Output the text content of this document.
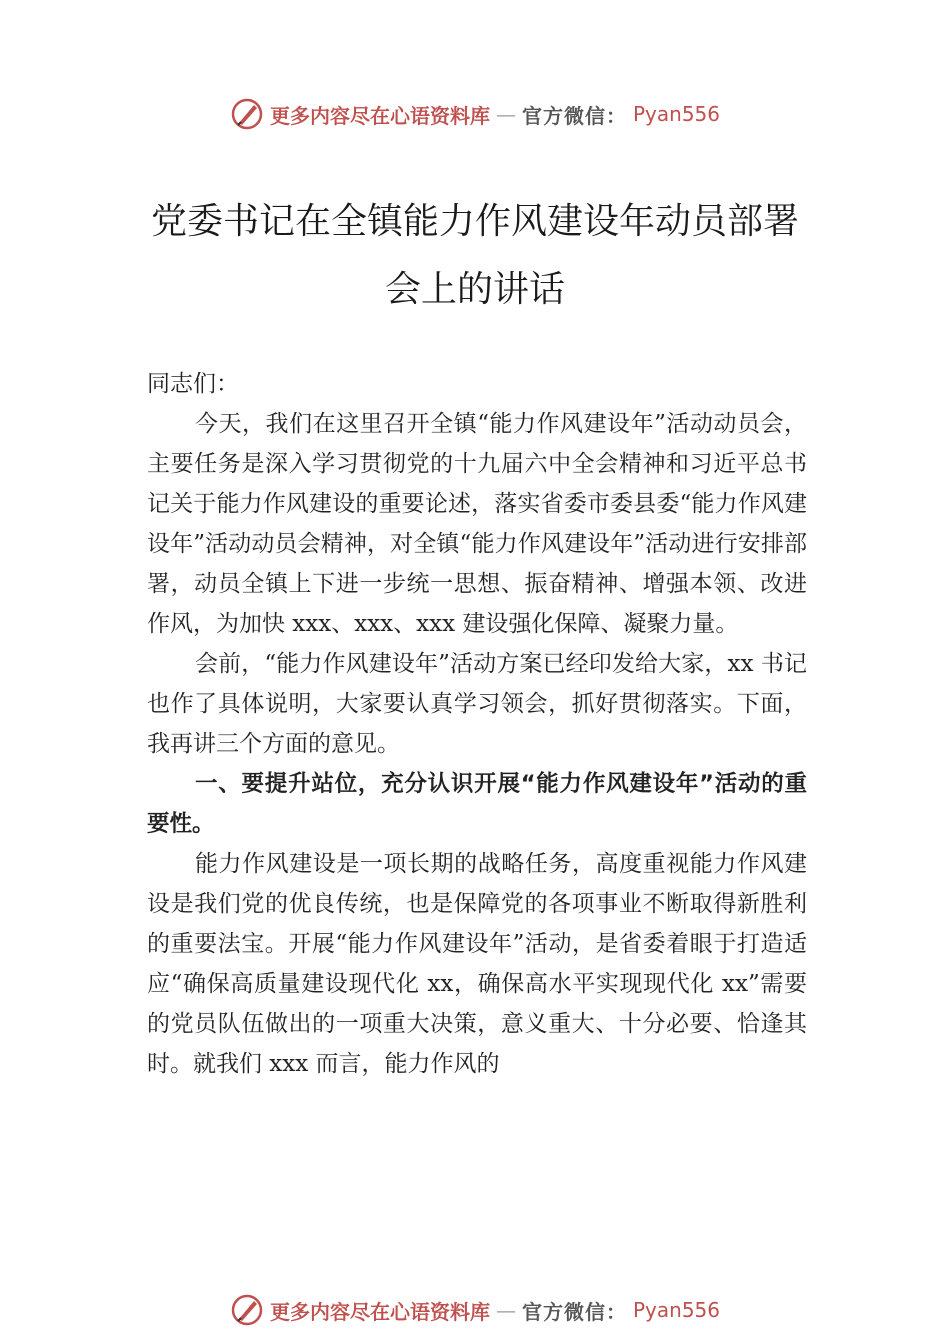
更多内容尽在心语资料库 — 官方微信： Pyan556
党委书记在全镇能力作风建设年动员部署
会上的讲话

同志们：

今天，我们在这里召开全镇“能力作风建设年”活动动员会，主要任务是深入学习贯彻党的十九届六中全会精神和习近平总书记关于能力作风建设的重要论述，落实省委市委县委“能力作风建设年”活动动员会精神，对全镇“能力作风建设年”活动进行安排部署，动员全镇上下进一步统一思想、振奋精神、增强本领、改进作风，为加快 xxx、xxx、xxx 建设强化保障、凝聚力量。

会前，“能力作风建设年”活动方案已经印发给大家，xx 书记也作了具体说明，大家要认真学习领会，抓好贯彻落实。下面，我再讲三个方面的意见。

一、要提升站位，充分认识开展“能力作风建设年”活动的重要性。

能力作风建设是一项长期的战略任务，高度重视能力作风建设是我们党的优良传统，也是保障党的各项事业不断取得新胜利的重要法宝。开展“能力作风建设年”活动，是省委着眼于打造适应“确保高质量建设现代化 xx，确保高水平实现现代化 xx”需要的党员队伍做出的一项重大决策，意义重大、十分必要、恰逢其时。就我们 xxx 而言，能力作风的

更多内容尽在心语资料库 — 官方微信： Pyan556
